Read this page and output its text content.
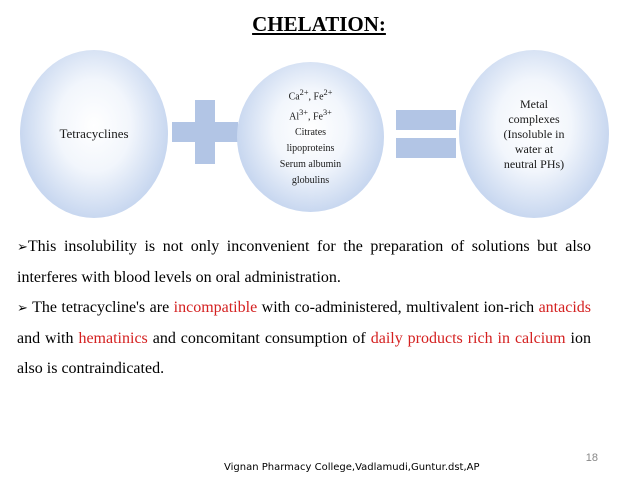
CHELATION:
Tetracyclines
$Ca^{2+}$, $Fe^{2+}$
$Al^{3+}$, $Fe^{3+}$
Citrates
lipoproteins
Serum albumin
globulins
Metal
complexes
(Insoluble in
water at
neutral PHs)

➢This insolubility is not only inconvenient for the preparation of solutions but also interferes with blood levels on oral administration.

➢ The tetracycline's are incompatible with co-administered, multivalent ion-rich antacids and with hematinics and concomitant consumption of daily products rich in calcium ion also is contraindicated.

18
Vignan Pharmacy College,Vadlamudi,Guntur.dst,AP
